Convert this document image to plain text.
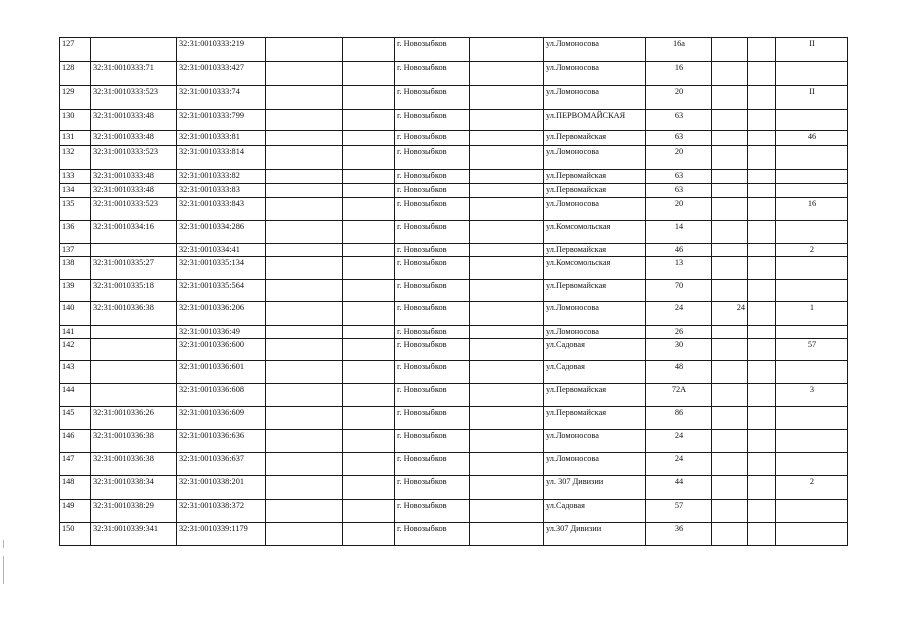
127		32:31:0010333:219			г. Новозыбков		ул.Ломоносова	16а			II
128	32:31:0010333:71	32:31:0010333:427			г. Новозыбков		ул.Ломоносова	16			
129	32:31:0010333:523	32:31:0010333:74			г. Новозыбков		ул.Ломоносова	20			II
130	32:31:0010333:48	32:31:0010333:799			г. Новозыбков		ул.ПЕРВОМАЙСКАЯ	63			
131	32:31:0010333:48	32:31:0010333:81			г. Новозыбков		ул.Первомайская	63			46
132	32:31:0010333:523	32:31:0010333:814			г. Новозыбков		ул.Ломоносова	20			
133	32:31:0010333:48	32:31:0010333:82			г. Новозыбков		ул.Первомайская	63			
134	32:31:0010333:48	32:31:0010333:83			г. Новозыбков		ул.Первомайская	63			
135	32:31:0010333:523	32:31:0010333:843			г. Новозыбков		ул.Ломоносова	20			16
136	32:31:0010334:16	32:31:0010334:286			г. Новозыбков		ул.Комсомольская	14			
137		32:31:0010334:41			г. Новозыбков		ул.Первомайская	46			2
138	32:31:0010335:27	32:31:0010335:134			г. Новозыбков		ул.Комсомольская	13			
139	32:31:0010335:18	32:31:0010335:564			г. Новозыбков		ул.Первомайская	70			
140	32:31:0010336:38	32:31:0010336:206			г. Новозыбков		ул.Ломоносова	24	24		1
141		32:31:0010336:49			г. Новозыбков		ул.Ломоносова	26			
142		32:31:0010336:600			г. Новозыбков		ул.Садовая	30			57
143		32:31:0010336:601			г. Новозыбков		ул.Садовая	48			
144		32:31:0010336:608			г. Новозыбков		ул.Первомайская	72А			3
145	32:31:0010336:26	32:31:0010336:609			г. Новозыбков		ул.Первомайская	86			
146	32:31:0010336:38	32:31:0010336:636			г. Новозыбков		ул.Ломоносова	24			
147	32:31:0010336:38	32:31:0010336:637			г. Новозыбков		ул.Ломоносова	24			
148	32:31:0010338:34	32:31:0010338:201			г. Новозыбков		ул. 307 Дивизии	44			2
149	32:31:0010338:29	32:31:0010338:372			г. Новозыбков		ул.Садовая	57			
150	32:31:0010339:341	32:31:0010339:1179			г. Новозыбков		ул.307 Дивизии	36			
